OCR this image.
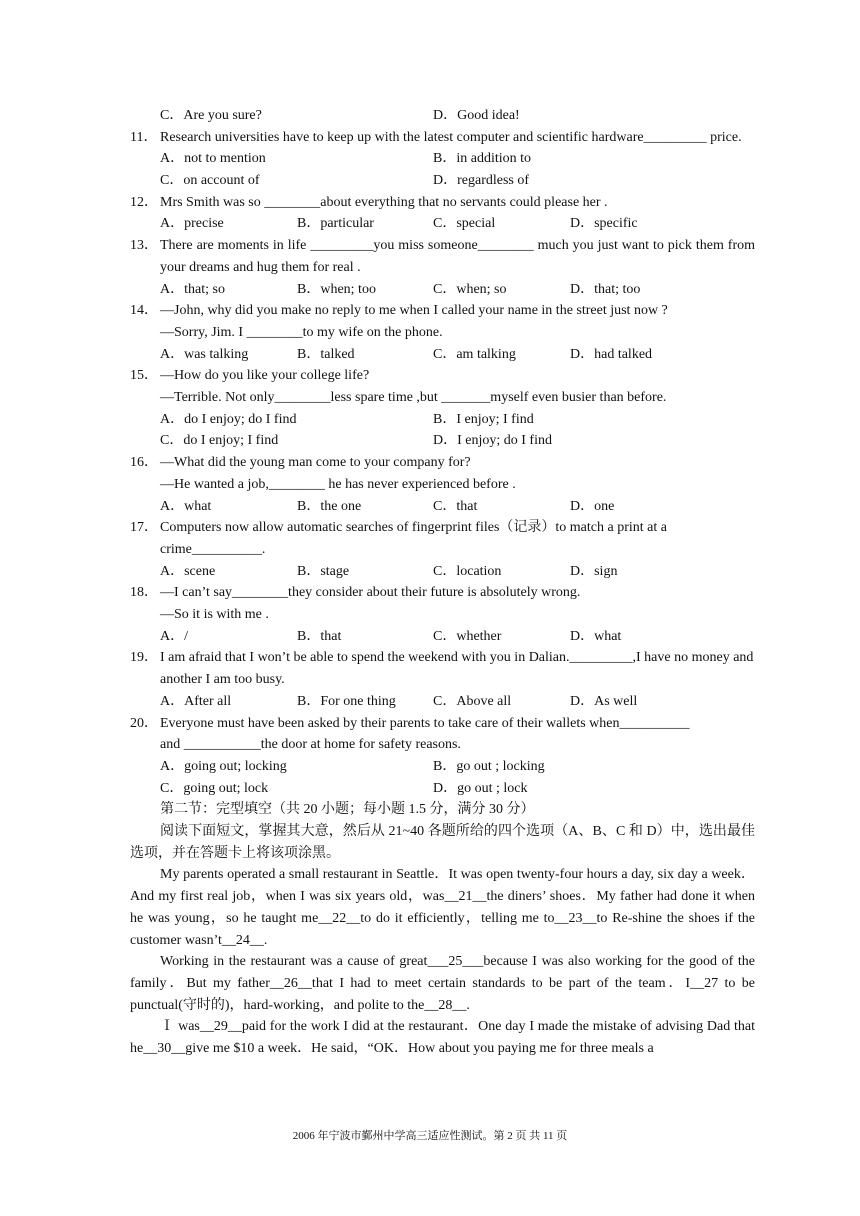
C．Are you sure?	D．Good idea!
11． Research universities have to keep up with the latest computer and scientific hardware_________ price.
A．not to mention	B．in addition to
C．on account of	D．regardless of
12． Mrs Smith was so ________about everything that no servants could please her .
A．precise	B．particular	C．special	D．specific
13． There are moments in life _________you miss someone________ much you just want to pick them from your dreams and hug them for real .
A．that; so	B．when; too	C．when; so	D．that; too
14． —John, why did you make no reply to me when I called your name in the street just now ?
—Sorry, Jim. I ________to my wife on the phone.
A．was talking	B．talked	C．am talking	D．had talked
15． —How do you like your college life?
—Terrible. Not only________less spare time ,but _______myself even busier than before.
A．do I enjoy; do I find	B．I enjoy; I find
C．do I enjoy; I find	D．I enjoy; do I find
16． —What did the young man come to your company for?
—He wanted a job,________ he has never experienced before .
A．what	B．the one	C．that	D．one
17． Computers now allow automatic searches of fingerprint files（记录）to match a print at a
crime__________.
A．scene	B．stage	C．location	D．sign
18． —I can’t say________they consider about their future is absolutely wrong.
—So it is with me .
A．/	B．that	C．whether	D．what
19． I am afraid that I won’t be able to spend the weekend with you in Dalian._________,I have no money and another I am too busy.
A．After all	B．For one thing	C．Above all	D．As well
20． Everyone must have been asked by their parents to take care of their wallets when__________
and ___________the door at home for safety reasons.
A．going out; locking	B．go out ; locking
C．going out; lock	D．go out ; lock
第二节：完型填空（共 20 小题；每小题 1.5 分，满分 30 分）
阅读下面短文，掌握其大意，然后从 21~40 各题所给的四个选项（A、B、C 和 D）中，选出最佳选项，并在答题卡上将该项涂黑。
My parents operated a small restaurant in Seattle．It was open twenty-four hours a day, six day a week．And my first real job，when I was six years old，was__21__the diners’ shoes．My father had done it when he was young，so he taught me__22__to do it efficiently，telling me to__23__to Re-shine the shoes if the customer wasn’t__24__.
Working in the restaurant was a cause of great___25___because I was also working for the good of the family．But my father__26__that I had to meet certain standards to be part of the team．I__27 to be punctual(守时的)，hard-working，and polite to the__28__.
Ｉ was__29__paid for the work I did at the restaurant．One day I made the mistake of advising Dad that he__30__give me $10 a week．He said，“OK．How about you paying me for three meals a
2006 年宁波市鄞州中学高三适应性测试。第 2 页 共 11 页
